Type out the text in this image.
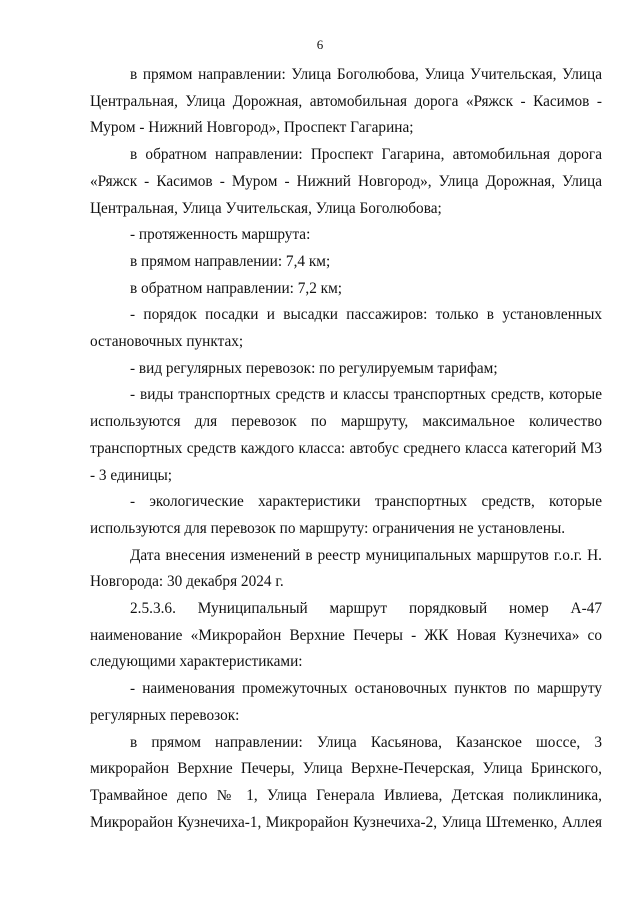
6

в прямом направлении: Улица Боголюбова, Улица Учительская, Улица Центральная, Улица Дорожная, автомобильная дорога «Ряжск - Касимов - Муром - Нижний Новгород», Проспект Гагарина;

в обратном направлении: Проспект Гагарина, автомобильная дорога «Ряжск - Касимов - Муром - Нижний Новгород», Улица Дорожная, Улица Центральная, Улица Учительская, Улица Боголюбова;

- протяженность маршрута:

в прямом направлении: 7,4 км;

в обратном направлении: 7,2 км;

- порядок посадки и высадки пассажиров: только в установленных остановочных пунктах;

- вид регулярных перевозок: по регулируемым тарифам;

- виды транспортных средств и классы транспортных средств, которые используются для перевозок по маршруту, максимальное количество транспортных средств каждого класса: автобус среднего класса категорий М3 - 3 единицы;

- экологические характеристики транспортных средств, которые используются для перевозок по маршруту: ограничения не установлены.

Дата внесения изменений в реестр муниципальных маршрутов г.о.г. Н. Новгорода: 30 декабря 2024 г.

2.5.3.6. Муниципальный маршрут порядковый номер А-47 наименование «Микрорайон Верхние Печеры - ЖК Новая Кузнечиха» со следующими характеристиками:

- наименования промежуточных остановочных пунктов по маршруту регулярных перевозок:

в прямом направлении: Улица Касьянова, Казанское шоссе, 3 микрорайон Верхние Печеры, Улица Верхне-Печерская, Улица Бринского, Трамвайное депо № 1, Улица Генерала Ивлиева, Детская поликлиника, Микрорайон Кузнечиха-1, Микрорайон Кузнечиха-2, Улица Штеменко, Аллея
